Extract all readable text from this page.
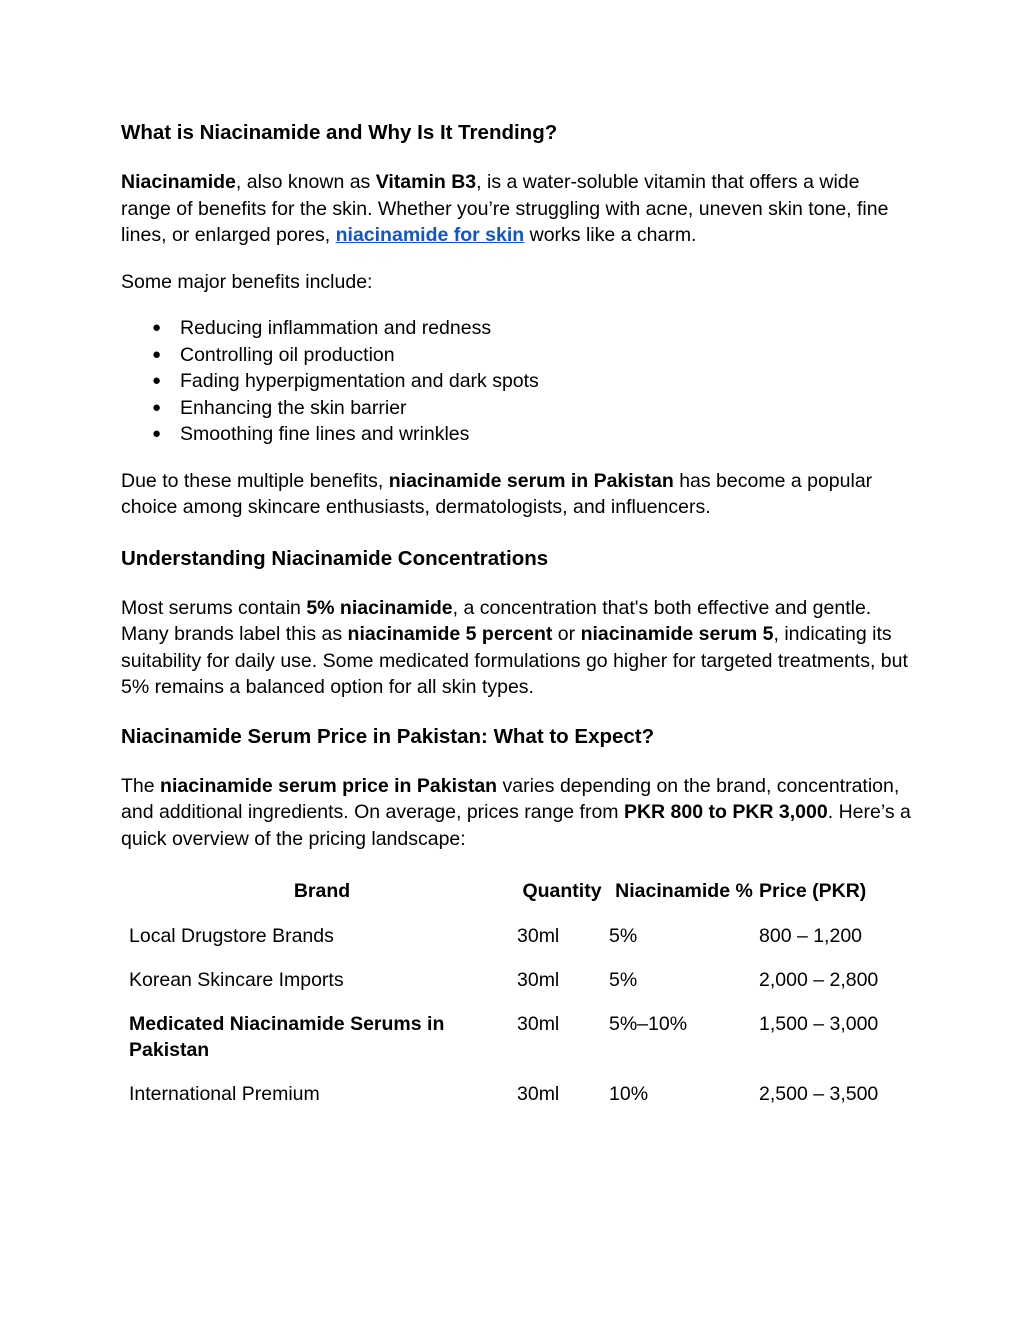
What is Niacinamide and Why Is It Trending?

Niacinamide, also known as Vitamin B3, is a water-soluble vitamin that offers a wide range of benefits for the skin. Whether you’re struggling with acne, uneven skin tone, fine lines, or enlarged pores, niacinamide for skin works like a charm.

Some major benefits include:

● Reducing inflammation and redness
● Controlling oil production
● Fading hyperpigmentation and dark spots
● Enhancing the skin barrier
● Smoothing fine lines and wrinkles

Due to these multiple benefits, niacinamide serum in Pakistan has become a popular choice among skincare enthusiasts, dermatologists, and influencers.

Understanding Niacinamide Concentrations

Most serums contain 5% niacinamide, a concentration that's both effective and gentle. Many brands label this as niacinamide 5 percent or niacinamide serum 5, indicating its suitability for daily use. Some medicated formulations go higher for targeted treatments, but 5% remains a balanced option for all skin types.

Niacinamide Serum Price in Pakistan: What to Expect?

The niacinamide serum price in Pakistan varies depending on the brand, concentration, and additional ingredients. On average, prices range from PKR 800 to PKR 3,000. Here’s a quick overview of the pricing landscape:

Brand	Quantity	Niacinamide %	Price (PKR)
Local Drugstore Brands	30ml	5%	800 – 1,200
Korean Skincare Imports	30ml	5%	2,000 – 2,800
Medicated Niacinamide Serums in Pakistan	30ml	5%–10%	1,500 – 3,000
International Premium	30ml	10%	2,500 – 3,500
